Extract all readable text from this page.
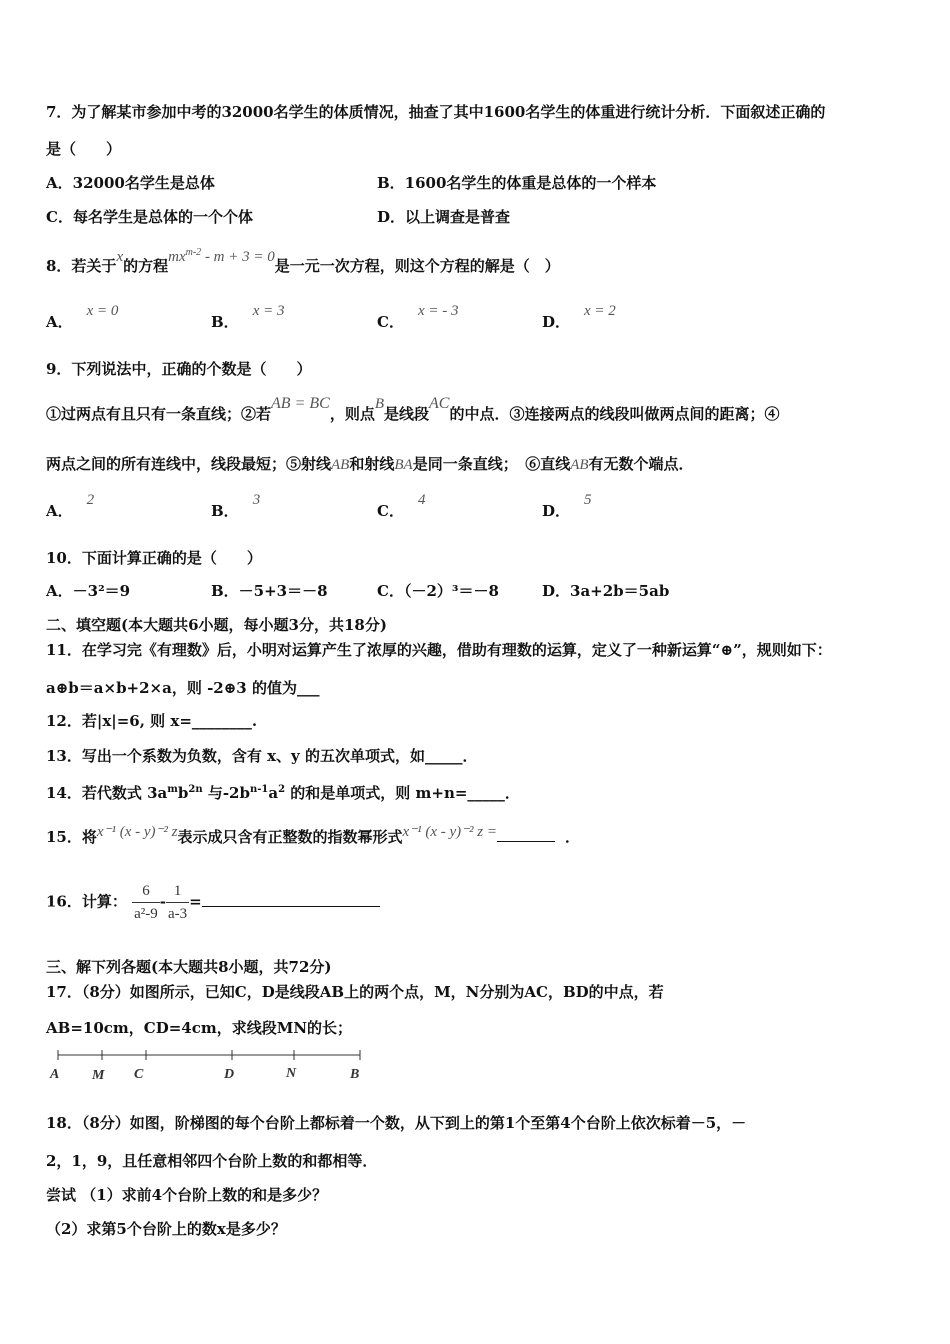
7．为了解某市参加中考的32000名学生的体质情况，抽查了其中1600名学生的体重进行统计分析．下面叙述正确的
是（　　）
A．32000名学生是总体	B．1600名学生的体重是总体的一个样本
C．每名学生是总体的一个个体	D．以上调查是普查
8．若关于x的方程$mx^{m-2} - m + 3 = 0$是一元一次方程，则这个方程的解是（　）
A．x = 0
B．x = 3
C．x = - 3
D．x = 2
9．下列说法中，正确的个数是（　　）
①过两点有且只有一条直线；②若AB = BC，则点B是线段AC的中点．③连接两点的线段叫做两点间的距离；④
两点之间的所有连线中，线段最短；⑤射线AB和射线BA是同一条直线；　⑥直线AB有无数个端点．
A．2
B．3
C．4
D．5
10．下面计算正确的是（　　）
A．－3²＝9	B．－5+3＝－8	C．（－2）³＝－8	D．3a+2b＝5ab
二、填空题(本大题共6小题，每小题3分，共18分)
11．在学习完《有理数》后，小明对运算产生了浓厚的兴趣，借助有理数的运算，定义了一种新运算“⊕”，规则如下：
a⊕b＝a×b+2×a，则 -2⊕3 的值为___
12．若|x|=6, 则 x=________.
13．写出一个系数为负数，含有 x、y 的五次单项式，如_____．
14．若代数式 $3a^mb^{2n}$ 与$-2b^{n-1}a^2$ 的和是单项式，则 m+n=_____．
15．将x⁻¹ (x - y)⁻² z表示成只含有正整数的指数幂形式x⁻¹ (x - y)⁻² z =	．
16．计算： $\frac{6}{\text{a²-9}} - \frac{1}{a-3}$ =
三、解下列各题(本大题共8小题，共72分)
17．（8分）如图所示，已知C，D是线段AB上的两个点，M，N分别为AC，BD的中点，若
AB=10cm，CD=4cm，求线段MN的长；
A M C	D	N	B
18．（8分）如图，阶梯图的每个台阶上都标着一个数，从下到上的第1个至第4个台阶上依次标着－5，－
2，1，9，且任意相邻四个台阶上数的和都相等．
尝试 （1）求前4个台阶上数的和是多少？
（2）求第5个台阶上的数x是多少？
